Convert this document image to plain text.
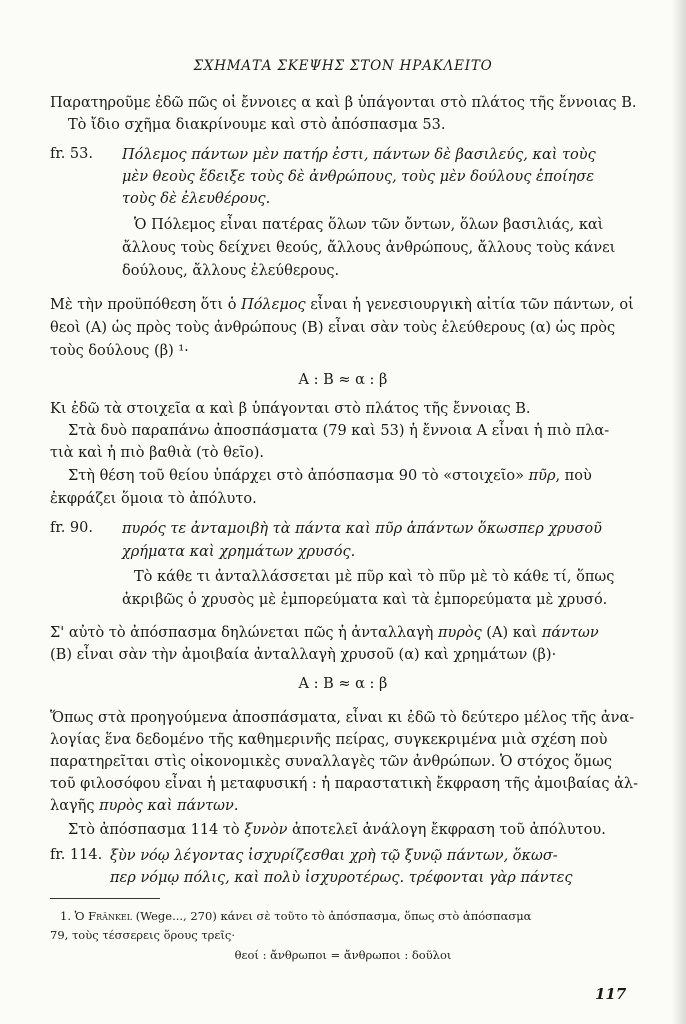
ΣΧΗΜΑΤΑ ΣΚΕΨΗΣ ΣΤΟΝ ΗΡΑΚΛΕΙΤΟ
Παρατηροῦμε ἐδῶ πῶς οἱ ἔννοιες α καὶ β ὑπάγονται στὸ πλάτος τῆς ἔννοιας Β.
Τὸ ἴδιο σχῆμα διακρίνουμε καὶ στὸ ἀπόσπασμα 53.
fr. 53. Πόλεμος πάντων μὲν πατήρ ἐστι, πάντων δὲ βασιλεύς, καὶ τοὺς
μὲν θεοὺς ἔδειξε τοὺς δὲ ἀνθρώπους, τοὺς μὲν δούλους ἐποίησε
τοὺς δὲ ἐλευθέρους.
Ὁ Πόλεμος εἶναι πατέρας ὅλων τῶν ὄντων, ὅλων βασιλιάς, καὶ
ἄλλους τοὺς δείχνει θεούς, ἄλλους ἀνθρώπους, ἄλλους τοὺς κάνει
δούλους, ἄλλους ἐλεύθερους.
Μὲ τὴν προϋπόθεση ὅτι ὁ Πόλεμος εἶναι ἡ γενεσιουργικὴ αἰτία τῶν πάντων, οἱ
θεοὶ (Α) ὡς πρὸς τοὺς ἀνθρώπους (Β) εἶναι σὰν τοὺς ἐλεύθερους (α) ὡς πρὸς
τοὺς δούλους (β) ¹·
Α : Β ≈ α : β
Κι ἐδῶ τὰ στοιχεῖα α καὶ β ὑπάγονται στὸ πλάτος τῆς ἔννοιας Β.
Στὰ δυὸ παραπάνω ἀποσπάσματα (79 καὶ 53) ἡ ἔννοια Α εἶναι ἡ πιὸ πλα-
τιὰ καὶ ἡ πιὸ βαθιὰ (τὸ θεῖο).
Στὴ θέση τοῦ θείου ὑπάρχει στὸ ἀπόσπασμα 90 τὸ «στοιχεῖο» πῦρ, ποὺ
ἐκφράζει ὅμοια τὸ ἀπόλυτο.
fr. 90. πυρός τε ἀνταμοιβὴ τὰ πάντα καὶ πῦρ ἁπάντων ὅκωσπερ χρυσοῦ
χρήματα καὶ χρημάτων χρυσός.
Τὸ κάθε τι ἀνταλλάσσεται μὲ πῦρ καὶ τὸ πῦρ μὲ τὸ κάθε τί, ὅπως
ἀκριβῶς ὁ χρυσὸς μὲ ἐμπορεύματα καὶ τὰ ἐμπορεύματα μὲ χρυσό.
Σ' αὐτὸ τὸ ἀπόσπασμα δηλώνεται πῶς ἡ ἀνταλλαγὴ πυρὸς (Α) καὶ πάντων
(Β) εἶναι σὰν τὴν ἀμοιβαία ἀνταλλαγὴ χρυσοῦ (α) καὶ χρημάτων (β)·
Α : Β ≈ α : β
Ὅπως στὰ προηγούμενα ἀποσπάσματα, εἶναι κι ἐδῶ τὸ δεύτερο μέλος τῆς ἀνα-
λογίας ἕνα δεδομένο τῆς καθημερινῆς πείρας, συγκεκριμένα μιὰ σχέση ποὺ
παρατηρεῖται στὶς οἰκονομικὲς συναλλαγὲς τῶν ἀνθρώπων. Ὁ στόχος ὅμως
τοῦ φιλοσόφου εἶναι ἡ μεταφυσική : ἡ παραστατικὴ ἔκφραση τῆς ἀμοιβαίας ἀλ-
λαγῆς πυρὸς καὶ πάντων.
Στὸ ἀπόσπασμα 114 τὸ ξυνὸν ἀποτελεῖ ἀνάλογη ἔκφραση τοῦ ἀπόλυτου.
fr. 114. ξὺν νόῳ λέγοντας ἰσχυρίζεσθαι χρὴ τῷ ξυνῷ πάντων, ὅκωσ-
περ νόμῳ πόλις, καὶ πολὺ ἰσχυροτέρως. τρέφονται γὰρ πάντες
1. Ὁ Fränkel (Wege..., 270) κάνει σὲ τοῦτο τὸ ἀπόσπασμα, ὅπως στὸ ἀπόσπασμα
79, τοὺς τέσσερεις ὅρους τρεῖς·
θεοί : ἄνθρωποι = ἄνθρωποι : δοῦλοι
117
